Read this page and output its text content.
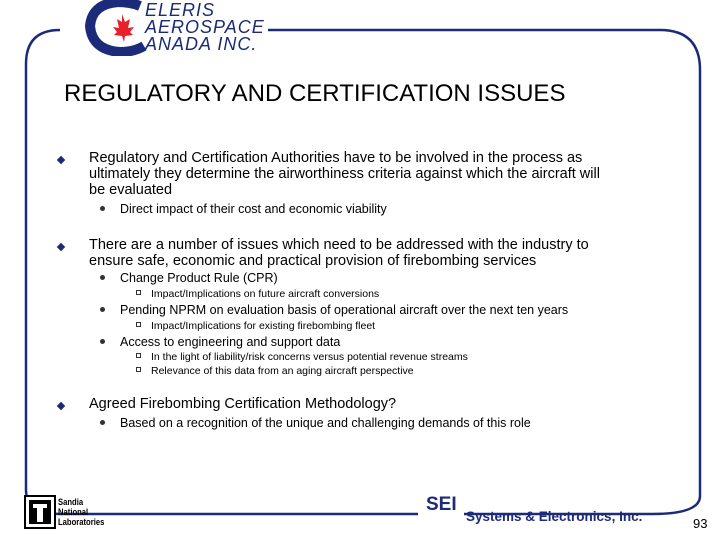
ELERIS
AEROSPACE
ANADA INC.
REGULATORY AND CERTIFICATION ISSUES
Regulatory and Certification Authorities have to be involved in the process as
ultimately they determine the airworthiness criteria against which the aircraft will
be evaluated
Direct impact of their cost and economic viability
There are a number of issues which need to be addressed with the industry to
ensure safe, economic and practical provision of firebombing services
Change Product Rule (CPR)
Impact/Implications on future aircraft conversions
Pending NPRM on evaluation basis of operational aircraft over the next ten years
Impact/Implications for existing firebombing fleet
Access to engineering and support data
In the light of liability/risk concerns versus potential revenue streams
Relevance of this data from an aging aircraft perspective
Agreed Firebombing Certification Methodology?
Based on a recognition of the unique and challenging demands of this role
Sandia
National
Laboratories
SEI
Systems & Electronics, Inc.	93
